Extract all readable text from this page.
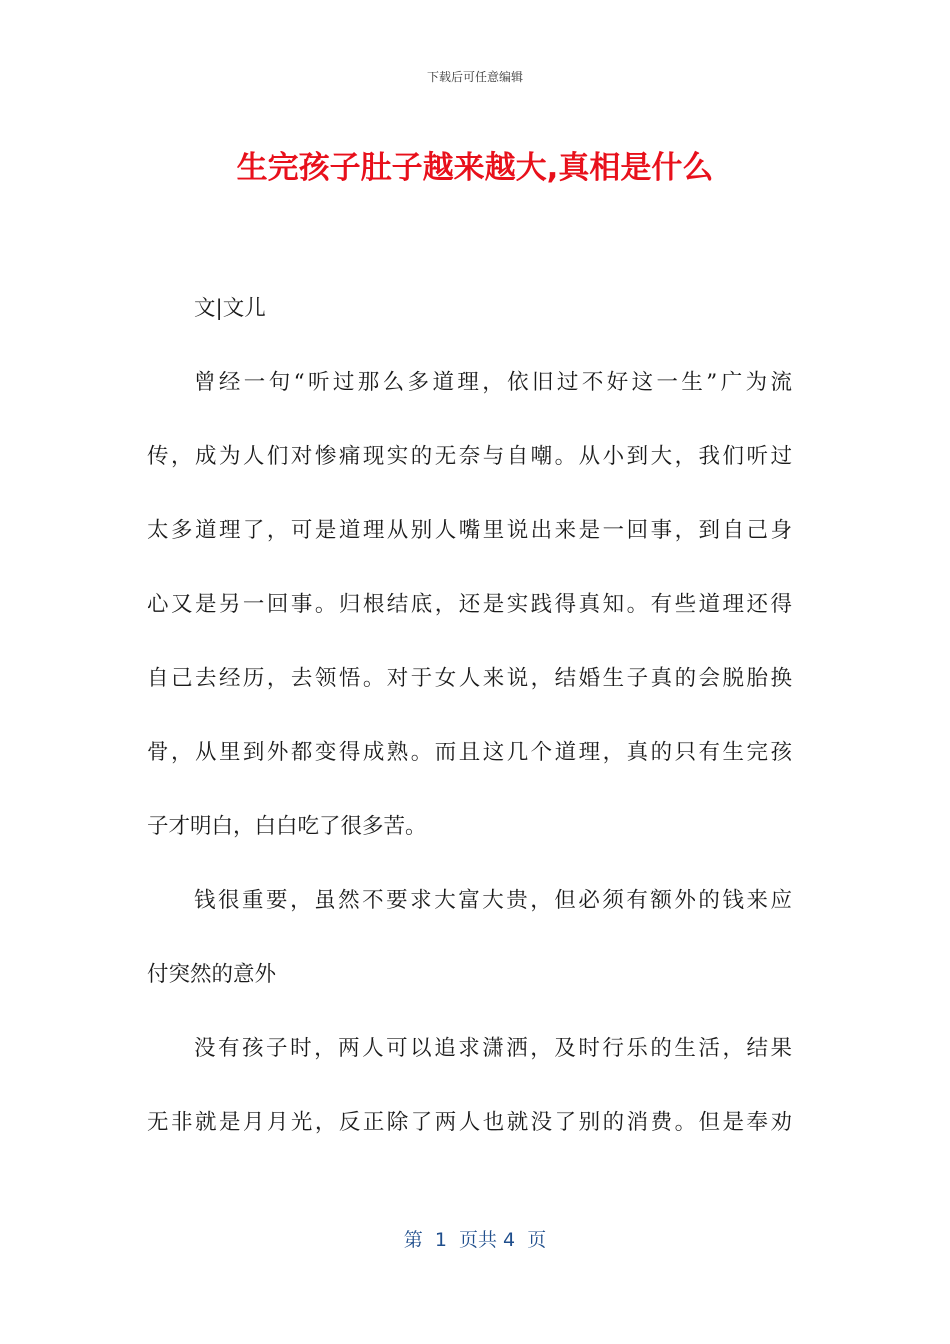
下载后可任意编辑
生完孩子肚子越来越大,真相是什么
文|文儿
曾经一句“听过那么多道理，依旧过不好这一生”广为流
传，成为人们对惨痛现实的无奈与自嘲。从小到大，我们听过
太多道理了，可是道理从别人嘴里说出来是一回事，到自己身
心又是另一回事。归根结底，还是实践得真知。有些道理还得
自己去经历，去领悟。对于女人来说，结婚生子真的会脱胎换
骨，从里到外都变得成熟。而且这几个道理，真的只有生完孩
子才明白，白白吃了很多苦。
钱很重要，虽然不要求大富大贵，但必须有额外的钱来应
付突然的意外
没有孩子时，两人可以追求潇洒，及时行乐的生活，结果
无非就是月月光，反正除了两人也就没了别的消费。但是奉劝
第  1  页共 4  页
